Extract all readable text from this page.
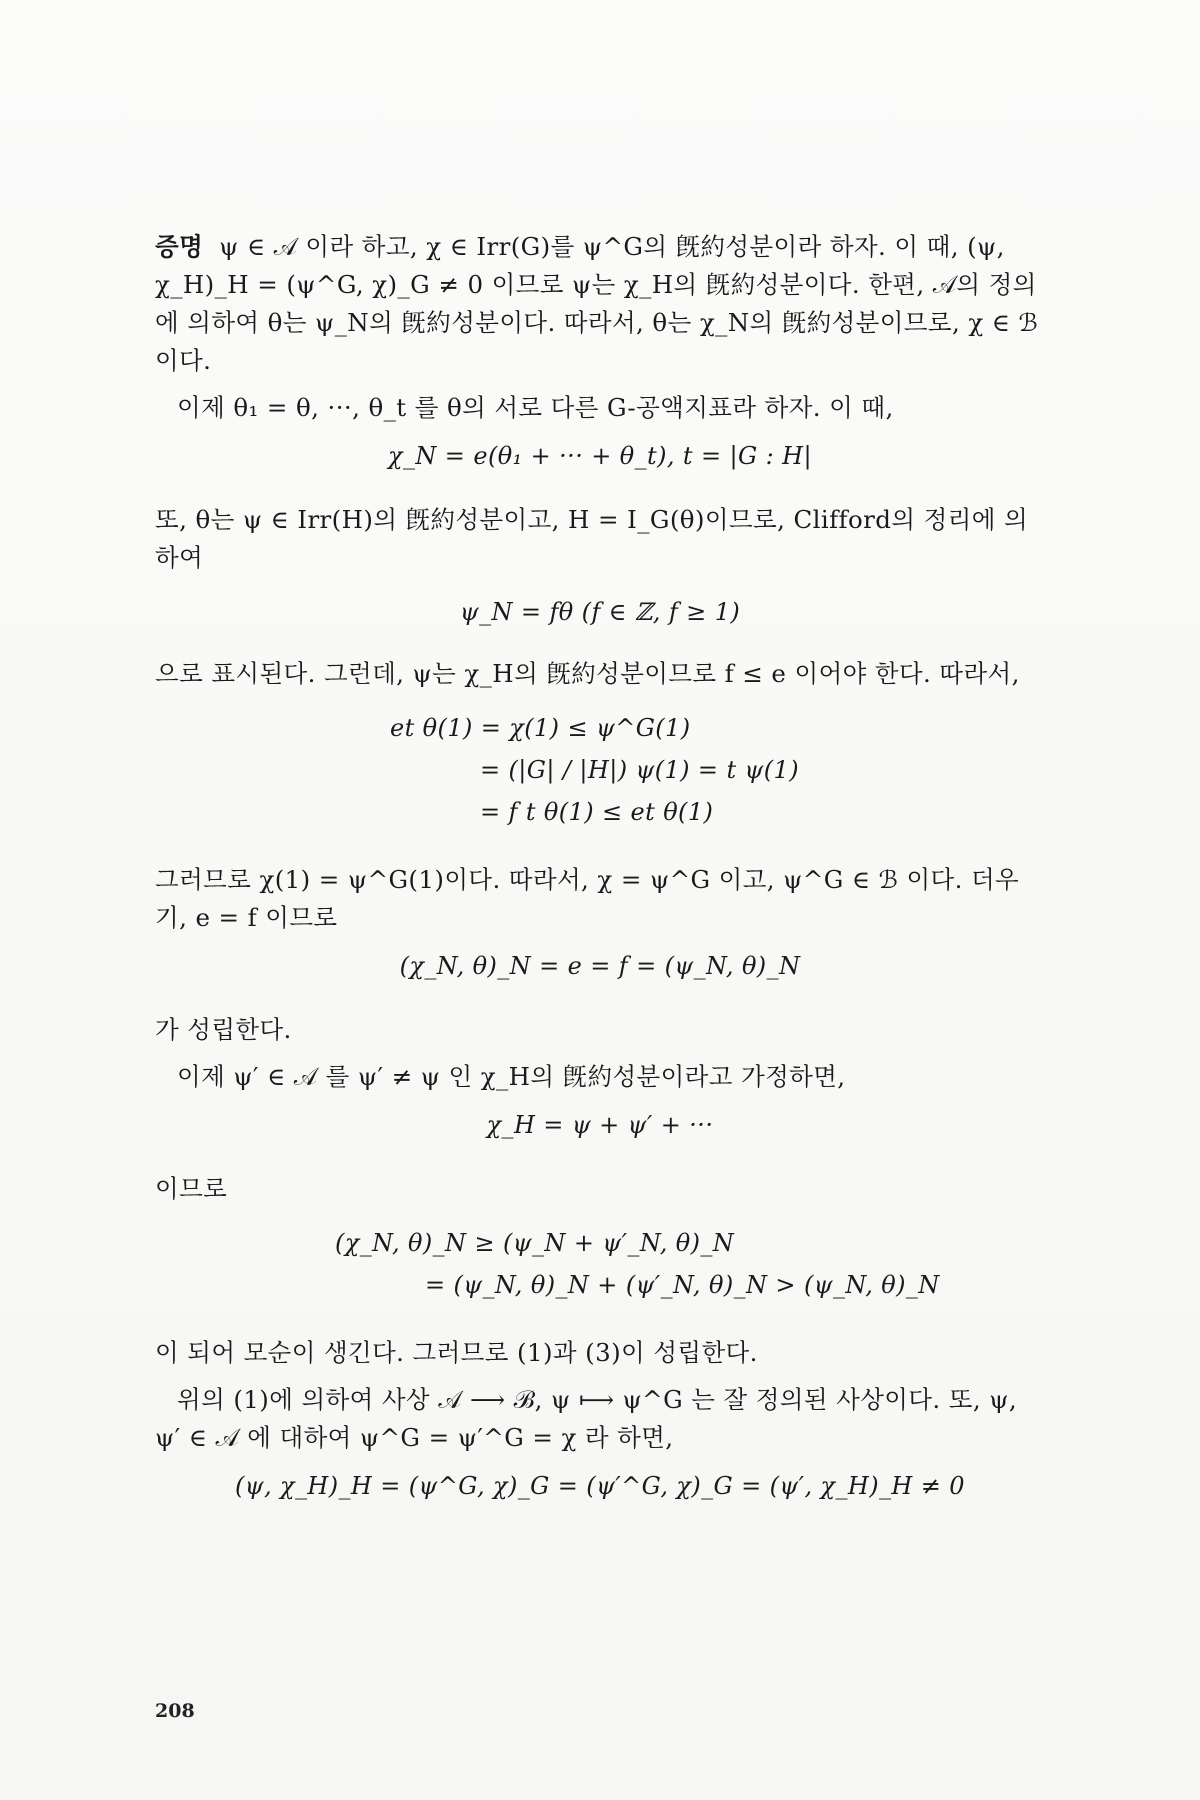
증명 ψ ∈ 𝒜 이라 하고, χ ∈ Irr(G)를 ψ^G의 旣約성분이라 하자. 이 때, (ψ, χ_H)_H = (ψ^G, χ)_G ≠ 0 이므로 ψ는 χ_H의 旣約성분이다. 한편, 𝒜의 정의에 의하여 θ는 ψ_N의 旣約성분이다. 따라서, θ는 χ_N의 旣約성분이므로, χ ∈ ℬ 이다.

이제 θ₁ = θ, ···, θ_t 를 θ의 서로 다른 G-공액지표라 하자. 이 때,

χ_N = e(θ₁ + ··· + θ_t), t = |G : H|

또, θ는 ψ ∈ Irr(H)의 旣約성분이고, H = I_G(θ)이므로, Clifford의 정리에 의하여

ψ_N = fθ (f ∈ ℤ, f ≥ 1)

으로 표시된다. 그런데, ψ는 χ_H의 旣約성분이므로 f ≤ e 이어야 한다. 따라서,

et θ(1) = χ(1) ≤ ψ^G(1)
= (|G| / |H|) ψ(1) = t ψ(1)
= f t θ(1) ≤ et θ(1)

그러므로 χ(1) = ψ^G(1)이다. 따라서, χ = ψ^G 이고, ψ^G ∈ ℬ 이다. 더우기, e = f 이므로

(χ_N, θ)_N = e = f = (ψ_N, θ)_N

가 성립한다.

이제 ψ′ ∈ 𝒜 를 ψ′ ≠ ψ 인 χ_H의 旣約성분이라고 가정하면,

χ_H = ψ + ψ′ + ···

이므로

(χ_N, θ)_N ≥ (ψ_N + ψ′_N, θ)_N
= (ψ_N, θ)_N + (ψ′_N, θ)_N > (ψ_N, θ)_N

이 되어 모순이 생긴다. 그러므로 (1)과 (3)이 성립한다.

위의 (1)에 의하여 사상 𝒜 ⟶ ℬ, ψ ⟼ ψ^G 는 잘 정의된 사상이다. 또, ψ, ψ′ ∈ 𝒜 에 대하여 ψ^G = ψ′^G = χ 라 하면,

(ψ, χ_H)_H = (ψ^G, χ)_G = (ψ′^G, χ)_G = (ψ′, χ_H)_H ≠ 0
208
